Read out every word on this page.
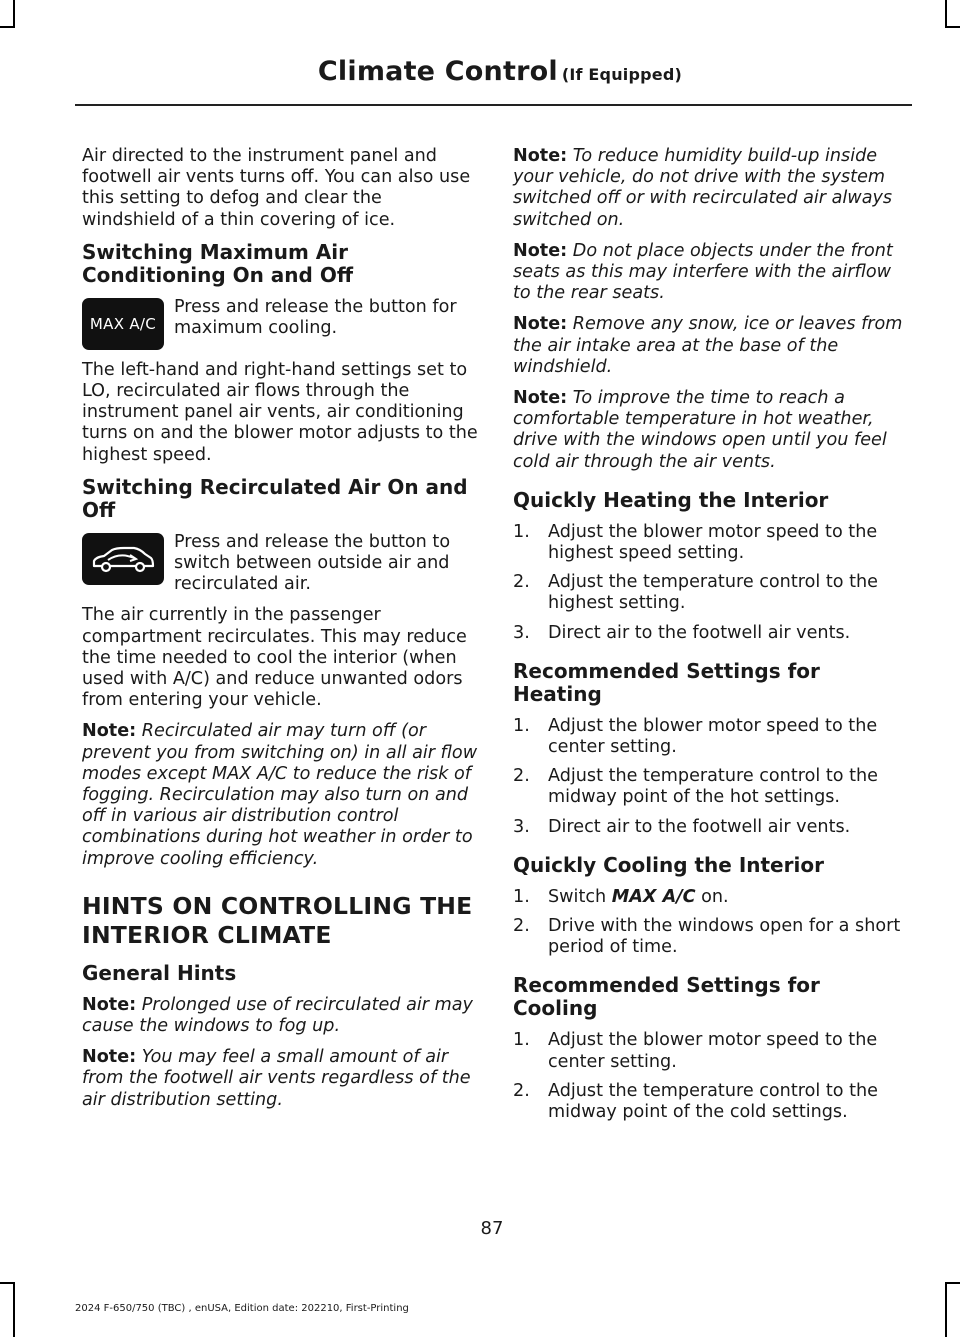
Climate Control (If Equipped)

Air directed to the instrument panel and footwell air vents turns off. You can also use this setting to defog and clear the windshield of a thin covering of ice.

Switching Maximum Air Conditioning On and Off
MAX A/C

Press and release the button for maximum cooling.

The left-hand and right-hand settings set to LO, recirculated air flows through the instrument panel air vents, air conditioning turns on and the blower motor adjusts to the highest speed.

Switching Recirculated Air On and Off

Press and release the button to switch between outside air and recirculated air.

The air currently in the passenger compartment recirculates. This may reduce the time needed to cool the interior (when used with A/C) and reduce unwanted odors from entering your vehicle.

Note: Recirculated air may turn off (or prevent you from switching on) in all air flow modes except MAX A/C to reduce the risk of fogging. Recirculation may also turn on and off in various air distribution control combinations during hot weather in order to improve cooling efficiency.

HINTS ON CONTROLLING THE
INTERIOR CLIMATE
General Hints

Note: Prolonged use of recirculated air may cause the windows to fog up.

Note: You may feel a small amount of air from the footwell air vents regardless of the air distribution setting.

Note: To reduce humidity build-up inside your vehicle, do not drive with the system switched off or with recirculated air always switched on.

Note: Do not place objects under the front seats as this may interfere with the airflow to the rear seats.

Note: Remove any snow, ice or leaves from the air intake area at the base of the windshield.

Note: To improve the time to reach a comfortable temperature in hot weather, drive with the windows open until you feel cold air through the air vents.

Quickly Heating the Interior
1. Adjust the blower motor speed to the highest speed setting.
2. Adjust the temperature control to the highest setting.
3. Direct air to the footwell air vents.
Recommended Settings for Heating
1. Adjust the blower motor speed to the center setting.
2. Adjust the temperature control to the midway point of the hot settings.
3. Direct air to the footwell air vents.
Quickly Cooling the Interior
1. Switch MAX A/C on.
2. Drive with the windows open for a short period of time.
Recommended Settings for Cooling
1. Adjust the blower motor speed to the center setting.
2. Adjust the temperature control to the midway point of the cold settings.
87
2024 F-650/750 (TBC) , enUSA, Edition date: 202210, First-Printing
